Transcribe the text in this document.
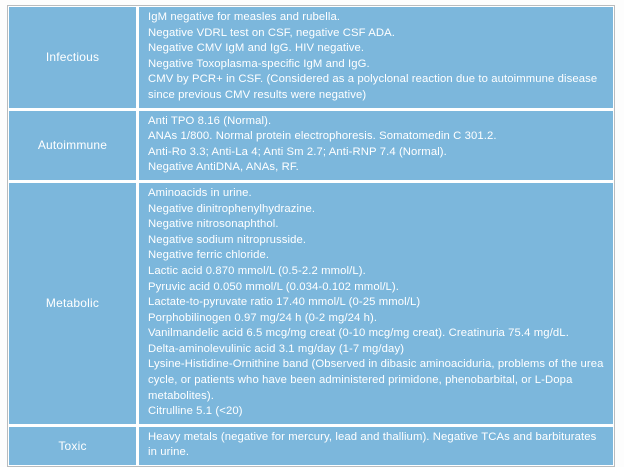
Infectious
IgM negative for measles and rubella.
Negative VDRL test on CSF, negative CSF ADA.
Negative CMV IgM and IgG. HIV negative.
Negative Toxoplasma-specific IgM and IgG.
CMV by PCR+ in CSF. (Considered as a polyclonal reaction due to autoimmune disease since previous CMV results were negative)
Autoimmune
Anti TPO 8.16 (Normal).
ANAs 1/800. Normal protein electrophoresis. Somatomedin C 301.2.
Anti-Ro 3.3; Anti-La 4; Anti Sm 2.7; Anti-RNP 7.4 (Normal).
Negative AntiDNA, ANAs, RF.
Metabolic
Aminoacids in urine.
Negative dinitrophenylhydrazine.
Negative nitrosonaphthol.
Negative sodium nitroprusside.
Negative ferric chloride.
Lactic acid 0.870 mmol/L (0.5-2.2 mmol/L).
Pyruvic acid 0.050 mmol/L (0.034-0.102 mmol/L).
Lactate-to-pyruvate ratio 17.40 mmol/L (0-25 mmol/L)
Porphobilinogen 0.97 mg/24 h (0-2 mg/24 h).
Vanilmandelic acid 6.5 mcg/mg creat (0-10 mcg/mg creat). Creatinuria 75.4 mg/dL.
Delta-aminolevulinic acid 3.1 mg/day (1-7 mg/day)
Lysine-Histidine-Ornithine band (Observed in dibasic aminoaciduria, problems of the urea cycle, or patients who have been administered primidone, phenobarbital, or L-Dopa metabolites).
Citrulline 5.1 (<20)
Toxic
Heavy metals (negative for mercury, lead and thallium). Negative TCAs and barbiturates in urine.
